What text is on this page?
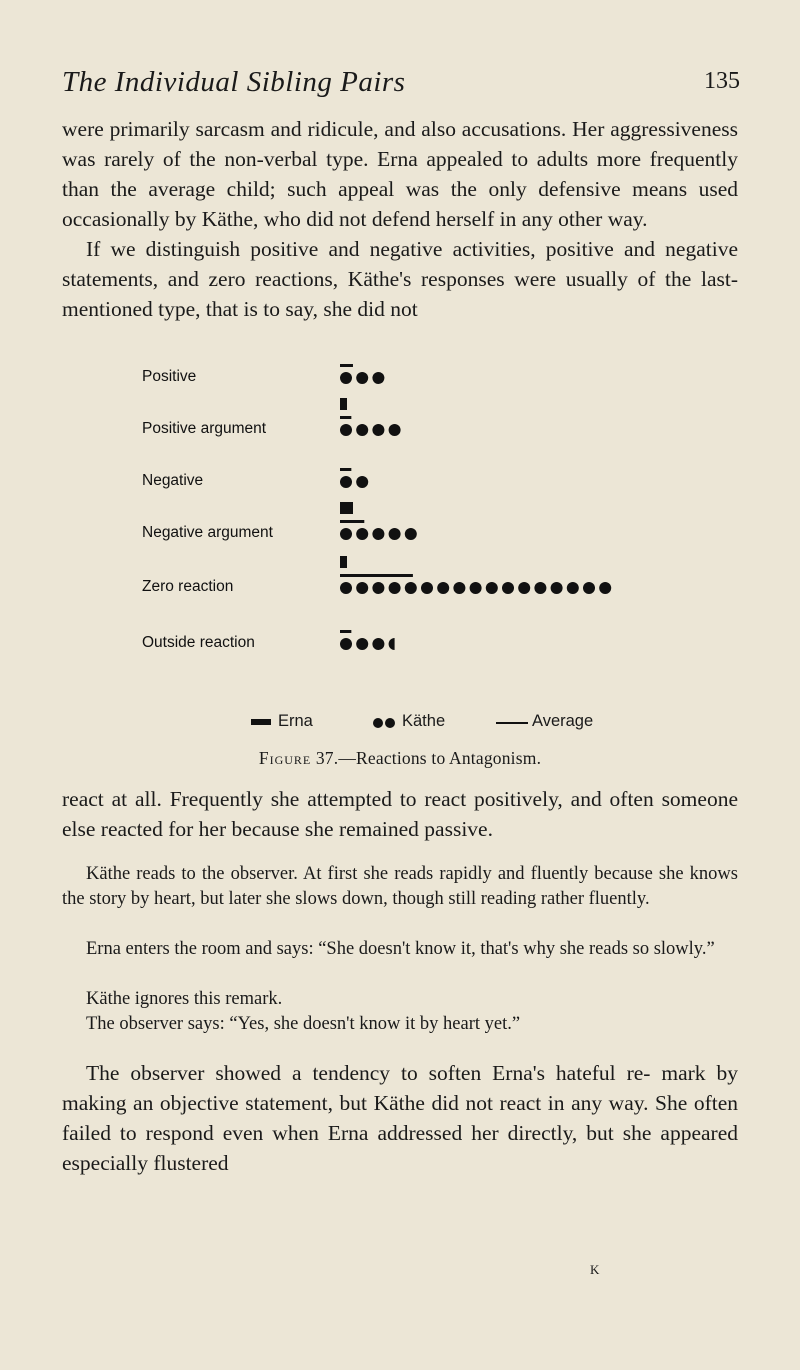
The Individual Sibling Pairs	135

were primarily sarcasm and ridicule, and also accusations. Her aggressiveness was rarely of the non-verbal type. Erna appealed to adults more frequently than the average child; such appeal was the only defensive means used occasionally by Käthe, who did not defend herself in any other way.

If we distinguish positive and negative activities, positive and negative statements, and zero reactions, Käthe's responses were usually of the last-mentioned type, that is to say, she did not

Positive
Positive argument
Negative
Negative argument
Zero reaction
Outside reaction
Erna	Käthe	Average
Figure 37.—Reactions to Antagonism.

react at all. Frequently she attempted to react positively, and often someone else reacted for her because she remained passive.

Käthe reads to the observer. At first she reads rapidly and fluently because she knows the story by heart, but later she slows down, though still reading rather fluently.

Erna enters the room and says: “She doesn't know it, that's why she reads so slowly.”

Käthe ignores this remark.

The observer says: “Yes, she doesn't know it by heart yet.”

The observer showed a tendency to soften Erna's hateful re- mark by making an objective statement, but Käthe did not react in any way. She often failed to respond even when Erna addressed her directly, but she appeared especially flustered

K
